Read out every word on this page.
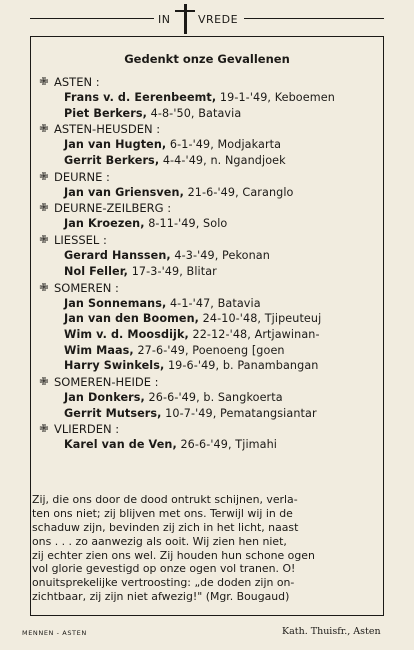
IN	VREDE
Gedenkt onze Gevallenen
✙ ASTEN :
Frans v. d. Eerenbeemt, 19-1-'49, Keboemen
Piet Berkers, 4-8-'50, Batavia
✙ ASTEN-HEUSDEN :
Jan van Hugten, 6-1-'49, Modjakarta
Gerrit Berkers, 4-4-'49, n. Ngandjoek
✙ DEURNE :
Jan van Griensven, 21-6-'49, Caranglo
✙ DEURNE-ZEILBERG :
Jan Kroezen, 8-11-'49, Solo
✙ LIESSEL :
Gerard Hanssen, 4-3-'49, Pekonan
Nol Feller, 17-3-'49, Blitar
✙ SOMEREN :
Jan Sonnemans, 4-1-'47, Batavia
Jan van den Boomen, 24-10-'48, Tjipeuteuj
Wim v. d. Moosdijk, 22-12-'48, Artjawinan-
Wim Maas, 27-6-'49, Poenoeng [goen
Harry Swinkels, 19-6-'49, b. Panambangan
✙ SOMEREN-HEIDE :
Jan Donkers, 26-6-'49, b. Sangkoerta
Gerrit Mutsers, 10-7-'49, Pematangsiantar
✙ VLIERDEN :
Karel van de Ven, 26-6-'49, Tjimahi
Zij, die ons door de dood ontrukt schijnen, verla-
ten ons niet; zij blijven met ons. Terwijl wij in de
schaduw zijn, bevinden zij zich in het licht, naast
ons . . . zo aanwezig als ooit. Wij zien hen niet,
zij echter zien ons wel. Zij houden hun schone ogen
vol glorie gevestigd op onze ogen vol tranen. O!
onuitsprekelijke vertroosting: „de doden zijn on-
zichtbaar, zij zijn niet afwezig!" (Mgr. Bougaud)
MENNEN - ASTEN	Kath. Thuisfr., Asten
